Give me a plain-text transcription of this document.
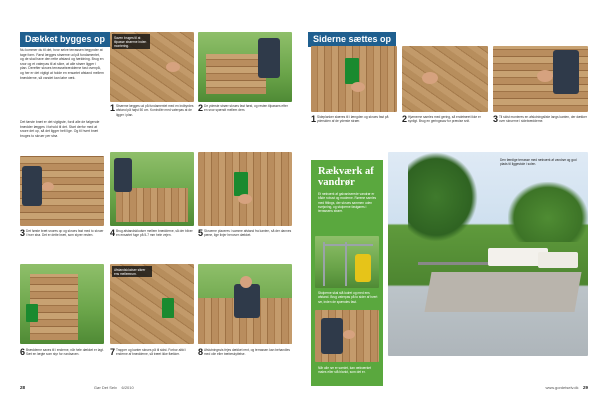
Dækket bygges op
Nu kommer du til det, hvor selve terrassen begynder at tage form. Først lægges strøerne ud på fundamentet, og de skal have den rette afstand og hældning. Brug en snor og et vaterpas til at sikre, at alle strøer ligger i plan. Derefter skrues terrassebrædderne fast ovenpå, og her er det vigtigt at holde en ensartet afstand mellem brædderne, så vandet kan løbe væk.
Det første bræt er det vigtigste, fordi alle de følgende brædder lægges i forhold til det. Start derfor med at snore det op, så det ligger helt lige. Og til hvert bræt bruges to skruer per strø.
Saven bruges til at tilpasse strøerne inden montering.
1 Strøerne lægges ud på fundamentet med en indbyrdes afstand på højst 50 cm. Kontrollér med vaterpas at de ligger i plan.
2 De yderste strøer skrues fast først, og resten tilpasses efter en snor spændt mellem dem.
3 Det første bræt snores op og skrues fast med to skruer i hver strø. Det er dette bræt, som styrer resten.	4 Brug afstandsklodser mellem brædderne, så der bliver en ensartet fuge på 5-7 mm hele vejen.	5 Skruerne placeres i samme afstand fra kanten, så der dannes pæne, lige linjer henover dækket.
Afstandsklodser sikrer ens mellemrum.
6 Brædderne saves til i enderne, når hele dækket er lagt. Sæt en lægte som styr for rundsaven.	7 Trapper og kanter skrues på til sidst. Forbor altid i enderne af brædderne, så træet ikke flækker.	8 Afslutningsvis fejes dækket rent, og terrassen kan behandles med olie eller træbeskyttelse.
28	Gør Det Selv 6/2010
Siderne sættes op
1 Sideplanker skæres til i længden og skrues fast på ydersiden af de yderste strøer.	2 Hjørnerne samles med gering, så endetræet ikke er synligt. Brug en geringssav for præcise snit.	3 Til sidst monteres en afslutningsliste langs kanten, der dækker over skruerne i sidebrædderne.
Rækværk af vandrør
Et rækværk af galvaniserede vandrør er både robust og moderne. Rørene samles med fittings, der skrues sammen uden svejsning, og stolperne fastgøres i terrassens strøer.
Stolperne skal stå lodret og med ens afstand. Brug vaterpas på to sider af hvert rør, inden de spændes fast.
Når alle rør er samlet, kan rækværket males eller stå blankt, som det er.
Den færdige terrasse med rækværk af vandrør og god plads til liggestole i solen.
www.gordetselv.dk 29
